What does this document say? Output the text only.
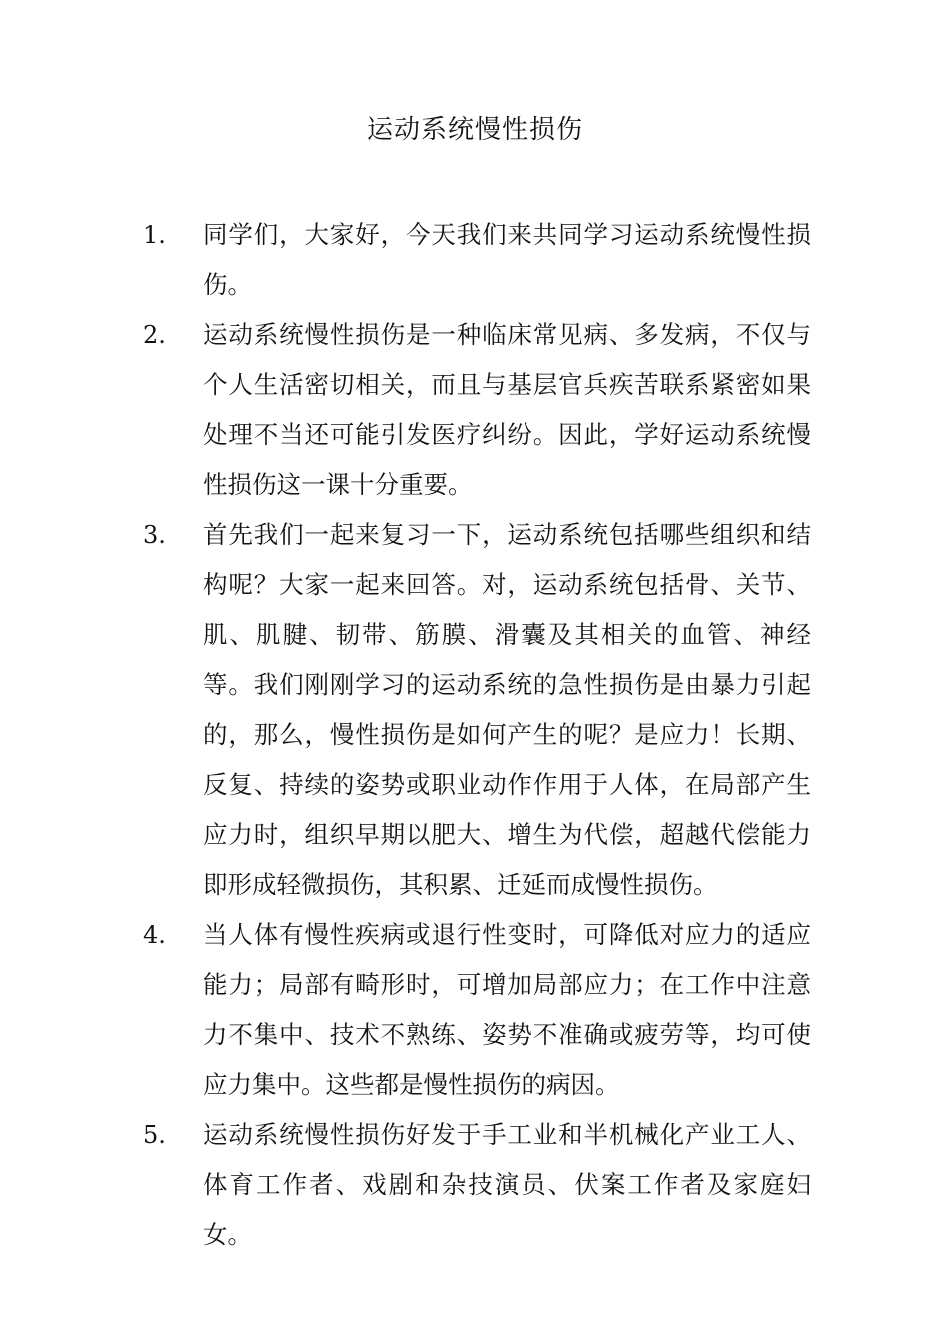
运动系统慢性损伤
1. 同学们，大家好，今天我们来共同学习运动系统慢性损伤。
2. 运动系统慢性损伤是一种临床常见病、多发病，不仅与个人生活密切相关，而且与基层官兵疾苦联系紧密如果处理不当还可能引发医疗纠纷。因此，学好运动系统慢性损伤这一课十分重要。
3. 首先我们一起来复习一下，运动系统包括哪些组织和结构呢？大家一起来回答。对，运动系统包括骨、关节、肌、肌腱、韧带、筋膜、滑囊及其相关的血管、神经等。我们刚刚学习的运动系统的急性损伤是由暴力引起的，那么，慢性损伤是如何产生的呢？是应力！长期、反复、持续的姿势或职业动作作用于人体，在局部产生应力时，组织早期以肥大、增生为代偿，超越代偿能力即形成轻微损伤，其积累、迁延而成慢性损伤。
4. 当人体有慢性疾病或退行性变时，可降低对应力的适应能力；局部有畸形时，可增加局部应力；在工作中注意力不集中、技术不熟练、姿势不准确或疲劳等，均可使应力集中。这些都是慢性损伤的病因。
5. 运动系统慢性损伤好发于手工业和半机械化产业工人、体育工作者、戏剧和杂技演员、伏案工作者及家庭妇女。
